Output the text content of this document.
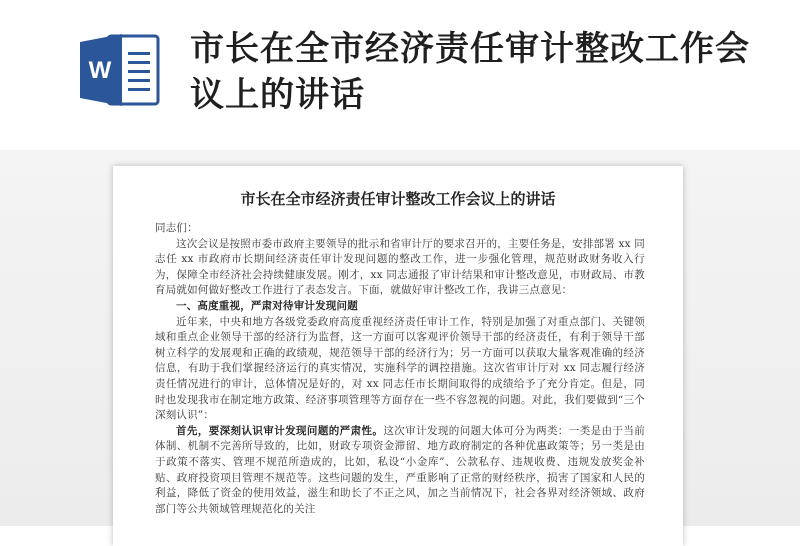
W
市长在全市经济责任审计整改工作会议上的讲话
市长在全市经济责任审计整改工作会议上的讲话

同志们：

这次会议是按照市委市政府主要领导的批示和省审计厅的要求召开的，主要任务是，安排部署 xx 同志任 xx 市政府市长期间经济责任审计发现问题的整改工作，进一步强化管理，规范财政财务收入行为，保障全市经济社会持续健康发展。刚才，xx 同志通报了审计结果和审计整改意见，市财政局、市教育局就如何做好整改工作进行了表态发言。下面，就做好审计整改工作，我讲三点意见：

一、高度重视，严肃对待审计发现问题

近年来，中央和地方各级党委政府高度重视经济责任审计工作，特别是加强了对重点部门、关键领域和重点企业领导干部的经济行为监督，这一方面可以客观评价领导干部的经济责任，有利于领导干部树立科学的发展观和正确的政绩观，规范领导干部的经济行为；另一方面可以获取大量客观准确的经济信息，有助于我们掌握经济运行的真实情况，实施科学的调控措施。这次省审计厅对 xx 同志履行经济责任情况进行的审计，总体情况是好的，对 xx 同志任市长期间取得的成绩给予了充分肯定。但是，同时也发现我市在制定地方政策、经济事项管理等方面存在一些不容忽视的问题。对此，我们要做到“三个深刻认识”：

首先，要深刻认识审计发现问题的严肃性。这次审计发现的问题大体可分为两类：一类是由于当前体制、机制不完善所导致的，比如，财政专项资金滞留、地方政府制定的各种优惠政策等；另一类是由于政策不落实、管理不规范所造成的，比如，私设“小金库”、公款私存、违规收费、违规发放奖金补贴、政府投资项目管理不规范等。这些问题的发生，严重影响了正常的财经秩序，损害了国家和人民的利益，降低了资金的使用效益，滋生和助长了不正之风，加之当前情况下，社会各界对经济领域、政府部门等公共领域管理规范化的关注
